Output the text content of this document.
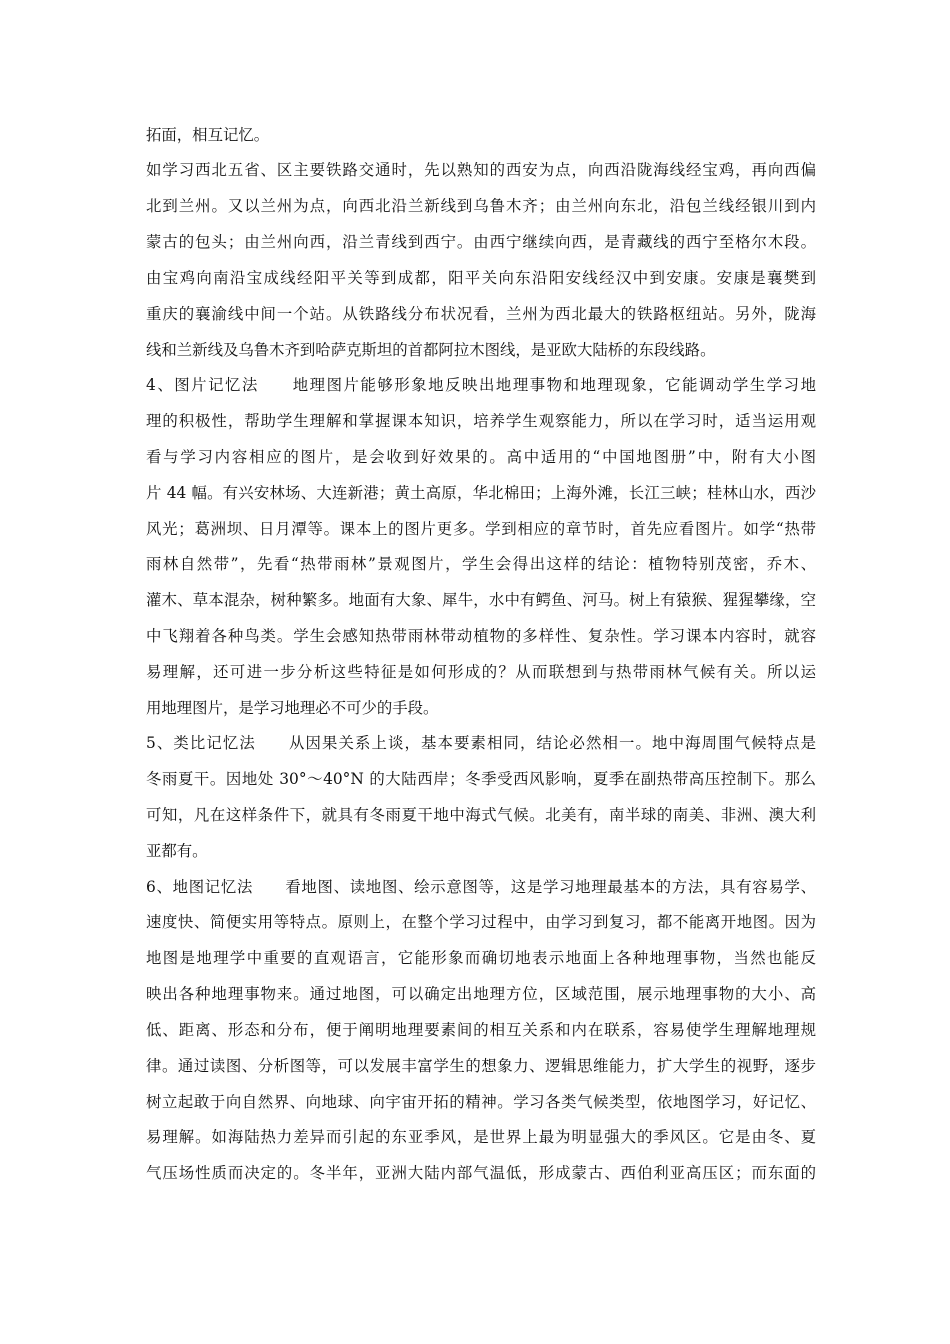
拓面，相互记忆。
如学习西北五省、区主要铁路交通时，先以熟知的西安为点，向西沿陇海线经宝鸡，再向西偏
北到兰州。又以兰州为点，向西北沿兰新线到乌鲁木齐；由兰州向东北，沿包兰线经银川到内
蒙古的包头；由兰州向西，沿兰青线到西宁。由西宁继续向西，是青藏线的西宁至格尔木段。
由宝鸡向南沿宝成线经阳平关等到成都，阳平关向东沿阳安线经汉中到安康。安康是襄樊到
重庆的襄渝线中间一个站。从铁路线分布状况看，兰州为西北最大的铁路枢纽站。另外，陇海
线和兰新线及乌鲁木齐到哈萨克斯坦的首都阿拉木图线，是亚欧大陆桥的东段线路。
4、图片记忆法　　地理图片能够形象地反映出地理事物和地理现象，它能调动学生学习地
理的积极性，帮助学生理解和掌握课本知识，培养学生观察能力，所以在学习时，适当运用观
看与学习内容相应的图片，是会收到好效果的。高中适用的“中国地图册”中，附有大小图
片 44 幅。有兴安林场、大连新港；黄土高原，华北棉田；上海外滩，长江三峡；桂林山水，西沙
风光；葛洲坝、日月潭等。课本上的图片更多。学到相应的章节时，首先应看图片。如学“热带
雨林自然带”，先看“热带雨林”景观图片，学生会得出这样的结论：植物特别茂密，乔木、
灌木、草本混杂，树种繁多。地面有大象、犀牛，水中有鳄鱼、河马。树上有猿猴、猩猩攀缘，空
中飞翔着各种鸟类。学生会感知热带雨林带动植物的多样性、复杂性。学习课本内容时，就容
易理解，还可进一步分析这些特征是如何形成的？从而联想到与热带雨林气候有关。所以运
用地理图片，是学习地理必不可少的手段。
5、类比记忆法　　从因果关系上谈，基本要素相同，结论必然相一。地中海周围气候特点是
冬雨夏干。因地处 30°～40°N 的大陆西岸；冬季受西风影响，夏季在副热带高压控制下。那么
可知，凡在这样条件下，就具有冬雨夏干地中海式气候。北美有，南半球的南美、非洲、澳大利
亚都有。
6、地图记忆法　　看地图、读地图、绘示意图等，这是学习地理最基本的方法，具有容易学、
速度快、简便实用等特点。原则上，在整个学习过程中，由学习到复习，都不能离开地图。因为
地图是地理学中重要的直观语言，它能形象而确切地表示地面上各种地理事物，当然也能反
映出各种地理事物来。通过地图，可以确定出地理方位，区域范围，展示地理事物的大小、高
低、距离、形态和分布，便于阐明地理要素间的相互关系和内在联系，容易使学生理解地理规
律。通过读图、分析图等，可以发展丰富学生的想象力、逻辑思维能力，扩大学生的视野，逐步
树立起敢于向自然界、向地球、向宇宙开拓的精神。学习各类气候类型，依地图学习，好记忆、
易理解。如海陆热力差异而引起的东亚季风，是世界上最为明显强大的季风区。它是由冬、夏
气压场性质而决定的。冬半年，亚洲大陆内部气温低，形成蒙古、西伯利亚高压区；而东面的
